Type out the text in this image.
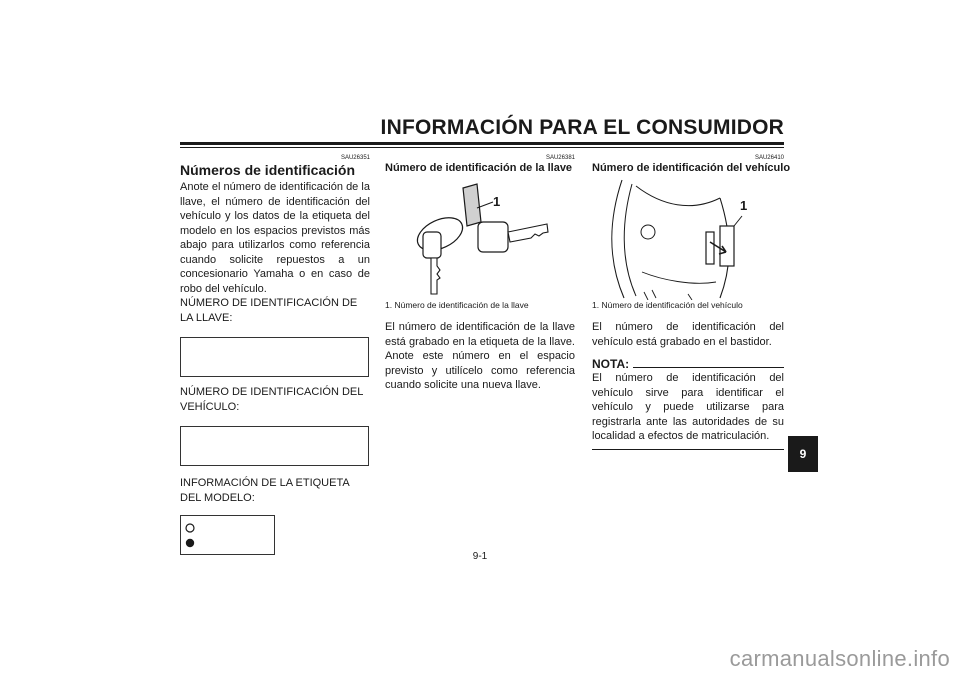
INFORMACIÓN PARA EL CONSUMIDOR
SAU26351
Números de identificación
Anote el número de identificación de la llave, el número de identificación del vehículo y los datos de la etiqueta del modelo en los espacios previstos más abajo para utilizarlos como referencia cuando solicite repuestos a un concesionario Yamaha o en caso de robo del vehículo.
NÚMERO DE IDENTIFICACIÓN DE LA LLAVE:
NÚMERO DE IDENTIFICACIÓN DEL VEHÍCULO:
INFORMACIÓN DE LA ETIQUETA DEL MODELO:
SAU26381
Número de identificación de la llave
1
1. Número de identificación de la llave
El número de identificación de la llave está grabado en la etiqueta de la llave. Anote este número en el espacio previsto y utilícelo como referencia cuando solicite una nueva llave.
SAU26410
Número de identificación del vehículo
1
1. Número de identificación del vehículo
El número de identificación del vehículo está grabado en el bastidor.
NOTA:
El número de identificación del vehículo sirve para identificar el vehículo y puede utilizarse para registrarla ante las autoridades de su localidad a efectos de matriculación.
9
9-1
carmanualsonline.info
